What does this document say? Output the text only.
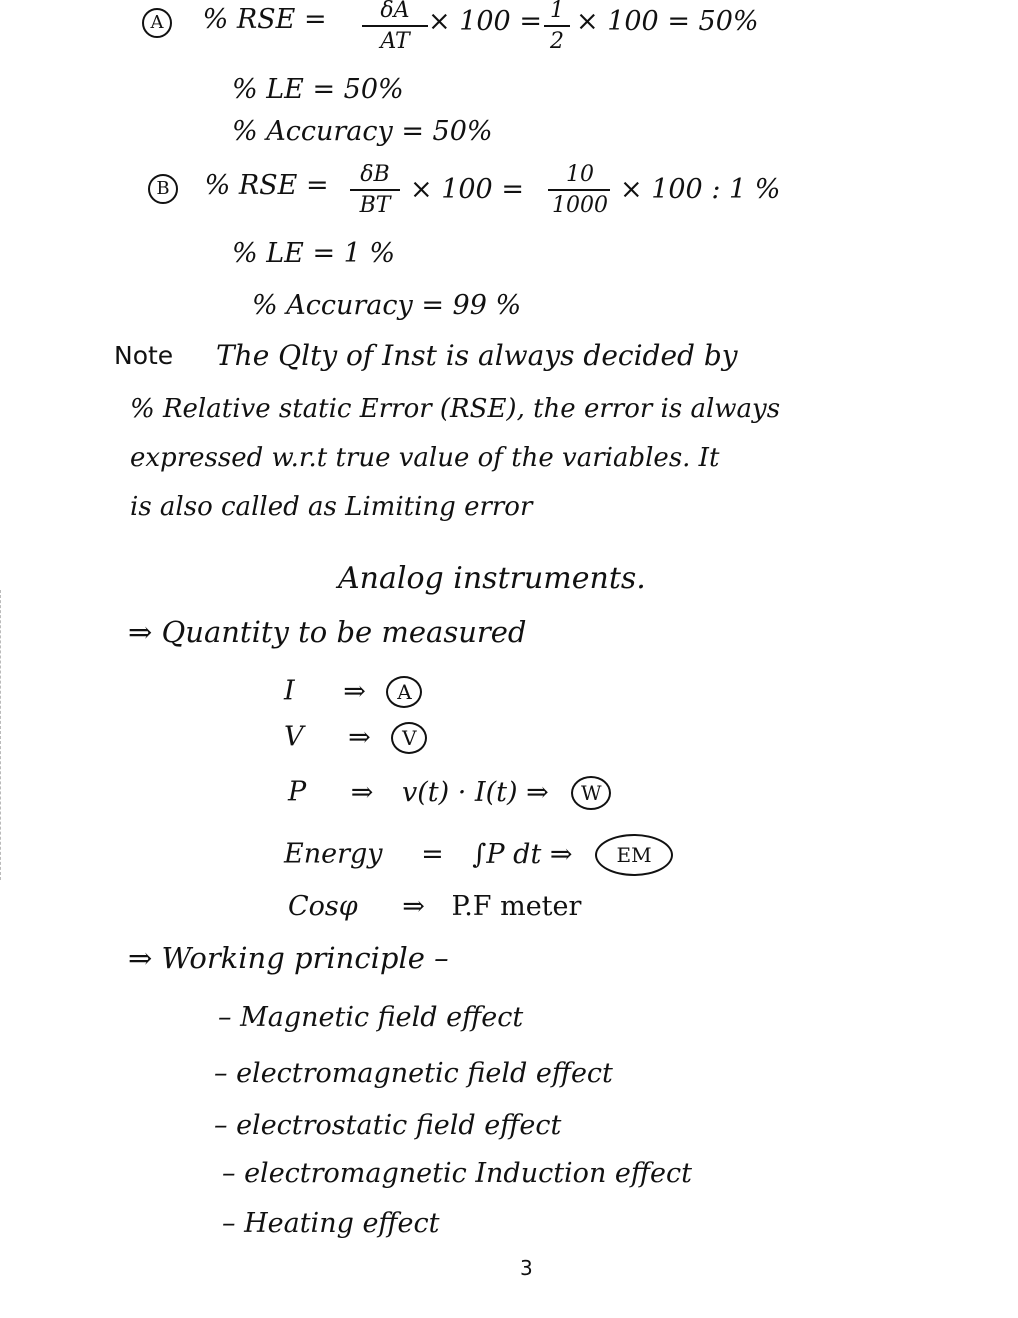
A % RSE = δA
AT
× 100 = 1
2
× 100 = 50%
% LE = 50%
% Accuracy = 50%
B % RSE = δB
BT
× 100 = 10
1000
× 100 : 1 %
% LE = 1 %
% Accuracy = 99 %
Note The Qlty of Inst is always decided by
% Relative static Error (RSE), the error is always
expressed w.r.t true value of the variables. It
is also called as Limiting error
Analog instruments.
⇒ Quantity to be measured
I ⇒ A
V ⇒ V
P ⇒ v(t) · I(t) ⇒ W
Energy = ∫P dt ⇒ EM
Cosφ ⇒ P.F meter
⇒ Working principle –
– Magnetic field effect
– electromagnetic field effect
– electrostatic field effect
– electromagnetic Induction effect
– Heating effect
3
